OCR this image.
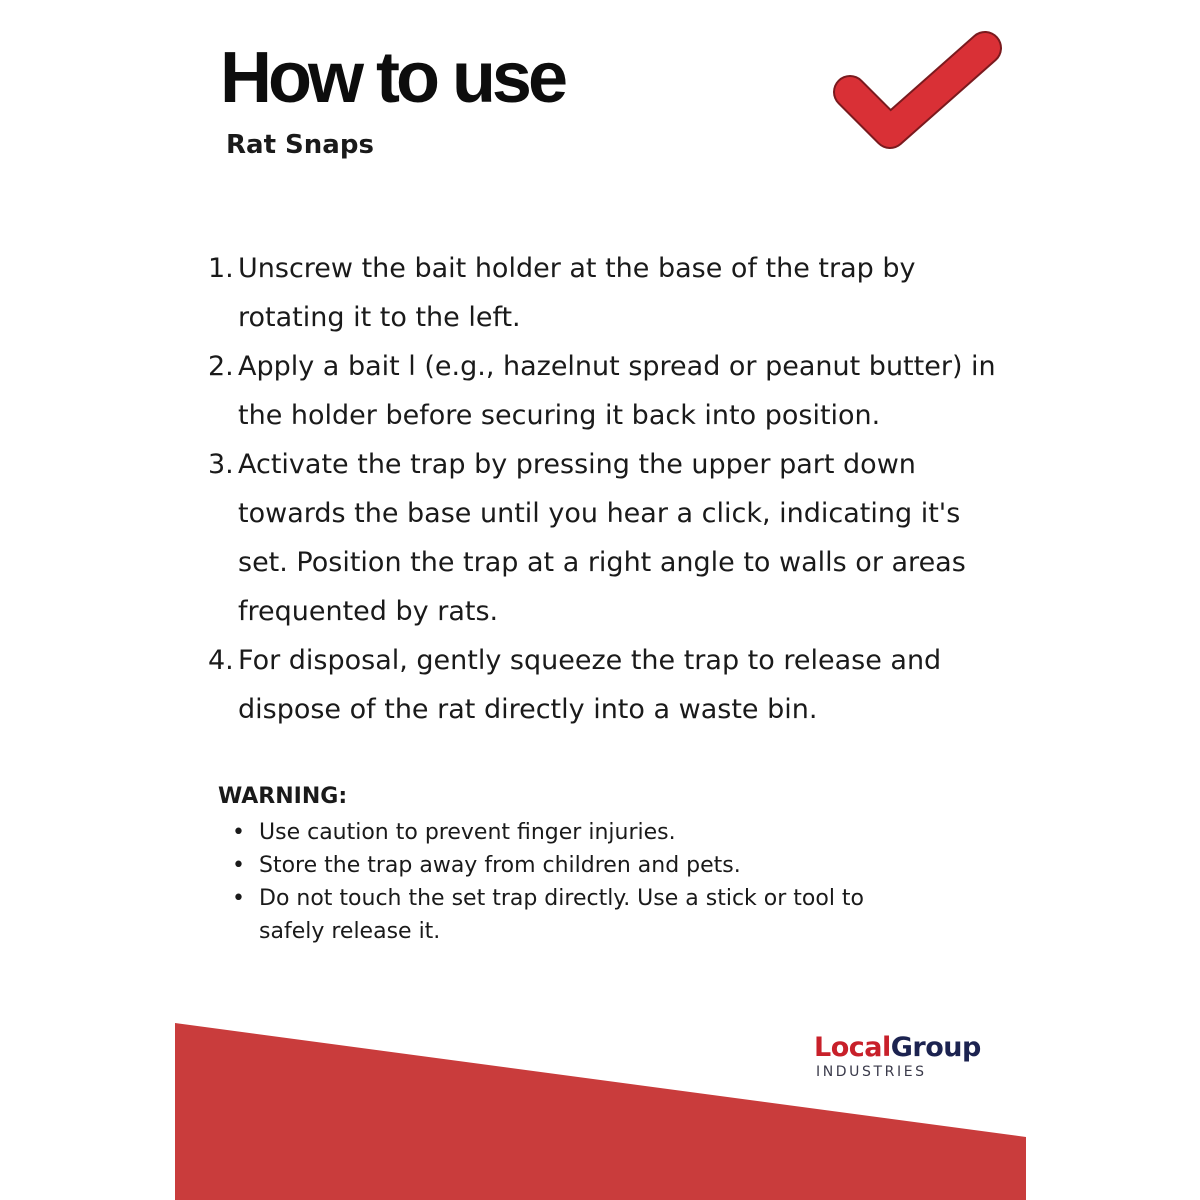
How to use

Rat Snaps

1. Unscrew the bait holder at the base of the trap by rotating it to the left.
2. Apply a bait l (e.g., hazelnut spread or peanut butter) in the holder before securing it back into position.
3. Activate the trap by pressing the upper part down towards the base until you hear a click, indicating it's set. Position the trap at a right angle to walls or areas frequented by rats.
4. For disposal, gently squeeze the trap to release and dispose of the rat directly into a waste bin.

WARNING:

• Use caution to prevent finger injuries.
• Store the trap away from children and pets.
• Do not touch the set trap directly. Use a stick or tool to safely release it.
LocalGroup
INDUSTRIES
